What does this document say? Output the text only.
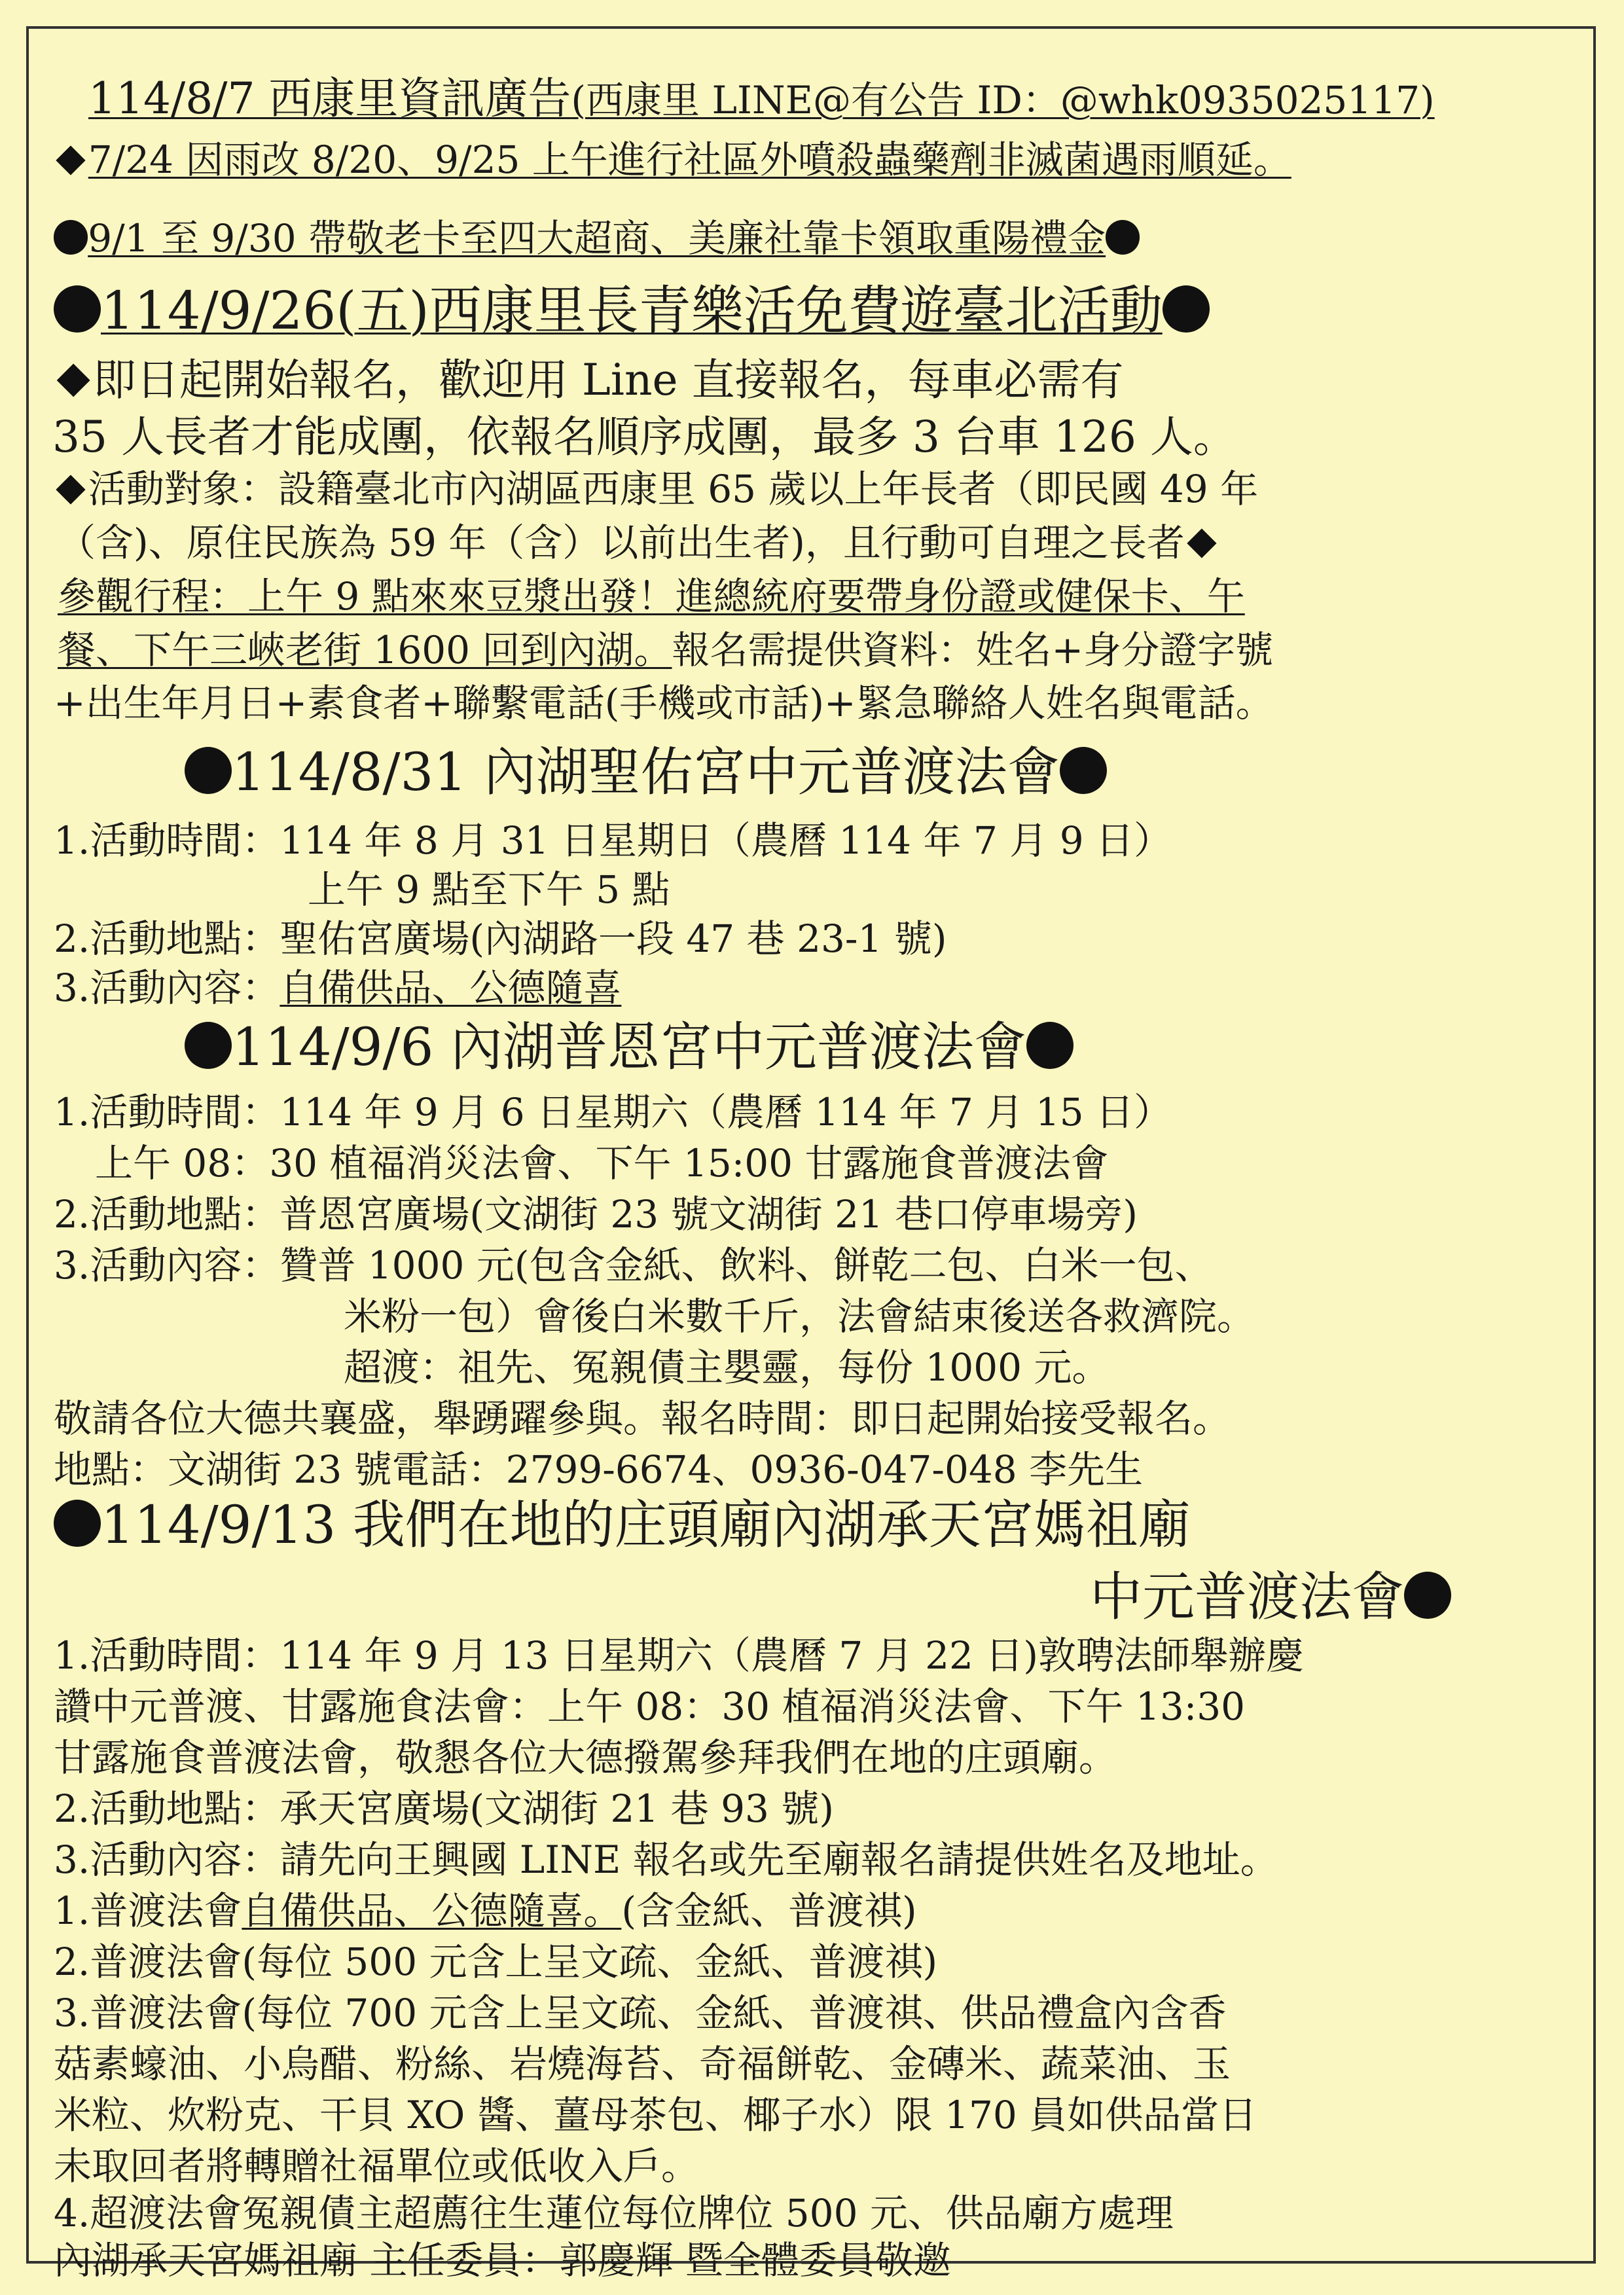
114/8/7 西康里資訊廣告(西康里 LINE@有公告 ID：@whk0935025117)
7/24 因雨改 8/20、9/25 上午進行社區外噴殺蟲藥劑非滅菌遇雨順延。
9/1 至 9/30 帶敬老卡至四大超商、美廉社靠卡領取重陽禮金
114/9/26(五)西康里長青樂活免費遊臺北活動
即日起開始報名，歡迎用 Line 直接報名，每車必需有
35 人長者才能成團，依報名順序成團，最多 3 台車 126 人。
活動對象：設籍臺北市內湖區西康里 65 歲以上年長者（即民國 49 年
（含)、原住民族為 59 年（含）以前出生者)，且行動可自理之長者
參觀行程：上午 9 點來來豆漿出發！進總統府要帶身份證或健保卡、午
餐、下午三峽老街 1600 回到內湖。報名需提供資料：姓名+身分證字號
+出生年月日+素食者+聯繫電話(手機或市話)+緊急聯絡人姓名與電話。
114/8/31 內湖聖佑宮中元普渡法會
1.活動時間：114 年 8 月 31 日星期日（農曆 114 年 7 月 9 日）
上午 9 點至下午 5 點
2.活動地點：聖佑宮廣場(內湖路一段 47 巷 23-1 號)
3.活動內容：自備供品、公德隨喜
114/9/6 內湖普恩宮中元普渡法會
1.活動時間：114 年 9 月 6 日星期六（農曆 114 年 7 月 15 日）
上午 08：30 植福消災法會、下午 15:00 甘露施食普渡法會
2.活動地點：普恩宮廣場(文湖街 23 號文湖街 21 巷口停車場旁)
3.活動內容：贊普 1000 元(包含金紙、飲料、餅乾二包、白米一包、
米粉一包）會後白米數千斤，法會結束後送各救濟院。
超渡：祖先、冤親債主嬰靈，每份 1000 元。
敬請各位大德共襄盛，舉踴躍參與。報名時間：即日起開始接受報名。
地點：文湖街 23 號電話：2799-6674、0936-047-048 李先生
114/9/13 我們在地的庄頭廟內湖承天宮媽祖廟
中元普渡法會
1.活動時間：114 年 9 月 13 日星期六（農曆 7 月 22 日)敦聘法師舉辦慶
讚中元普渡、甘露施食法會：上午 08：30 植福消災法會、下午 13:30
甘露施食普渡法會，敬懇各位大德撥駕參拜我們在地的庄頭廟。
2.活動地點：承天宮廣場(文湖街 21 巷 93 號)
3.活動內容：請先向王興國 LINE 報名或先至廟報名請提供姓名及地址。
1.普渡法會自備供品、公德隨喜。(含金紙、普渡祺)
2.普渡法會(每位 500 元含上呈文疏、金紙、普渡祺)
3.普渡法會(每位 700 元含上呈文疏、金紙、普渡祺、供品禮盒內含香
菇素蠔油、小烏醋、粉絲、岩燒海苔、奇福餅乾、金磚米、蔬菜油、玉
米粒、炊粉克、干貝 XO 醬、薑母茶包、椰子水）限 170 員如供品當日
未取回者將轉贈社福單位或低收入戶。
4.超渡法會冤親債主超薦往生蓮位每位牌位 500 元、供品廟方處理
內湖承天宮媽祖廟 主任委員：郭慶輝 暨全體委員敬邀
